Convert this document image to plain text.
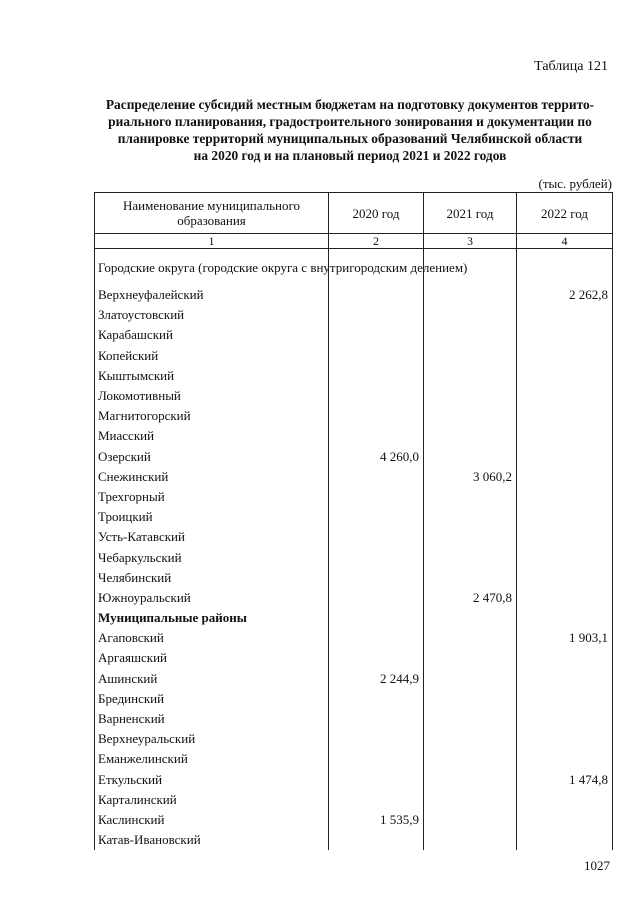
Таблица 121
Распределение субсидий местным бюджетам на подготовку документов террито-
риального планирования, градостроительного зонирования и документации по
планировке территорий муниципальных образований Челябинской области
на 2020 год и на плановый период 2021 и 2022 годов
(тыс. рублей)
Наименование муниципального образования	2020 год	2021 год	2022 год
1	2	3	4
Городские округа (городские округа с внутригородским делением)			
Верхнеуфалейский			2 262,8
Златоустовский			
Карабашский			
Копейский			
Кыштымский			
Локомотивный			
Магнитогорский			
Миасский			
Озерский	4 260,0		
Снежинский		3 060,2	
Трехгорный			
Троицкий			
Усть-Катавский			
Чебаркульский			
Челябинский			
Южноуральский		2 470,8	
Муниципальные районы			
Агаповский			1 903,1
Аргаяшский			
Ашинский	2 244,9		
Брединский			
Варненский			
Верхнеуральский			
Еманжелинский			
Еткульский			1 474,8
Карталинский			
Каслинский	1 535,9		
Катав-Ивановский			
1027
